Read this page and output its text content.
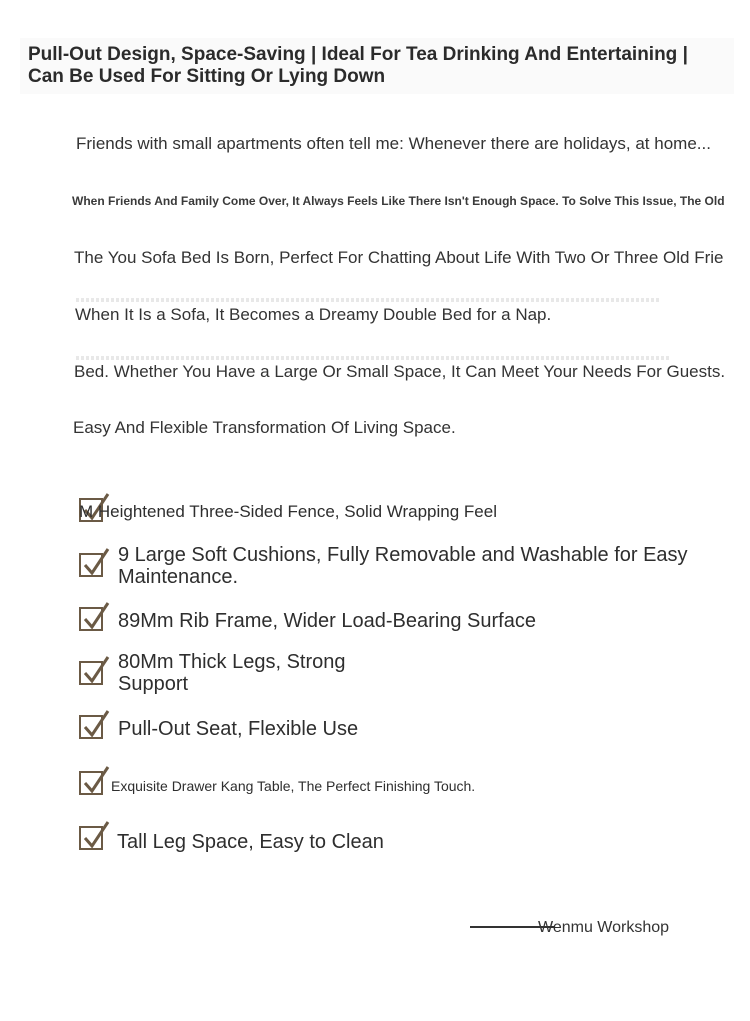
Pull-Out Design, Space-Saving | Ideal For Tea Drinking And Entertaining | Can Be Used For Sitting Or Lying Down
Friends with small apartments often tell me: Whenever there are holidays, at home...
When Friends And Family Come Over, It Always Feels Like There Isn't Enough Space. To Solve This Issue, The Old
The You Sofa Bed Is Born, Perfect For Chatting About Life With Two Or Three Old Frie
When It Is a Sofa, It Becomes a Dreamy Double Bed for a Nap.
Bed. Whether You Have a Large Or Small Space, It Can Meet Your Needs For Guests.
Easy And Flexible Transformation Of Living Space.
M Heightened Three-Sided Fence, Solid Wrapping Feel
9 Large Soft Cushions, Fully Removable and Washable for Easy Maintenance.
89Mm Rib Frame, Wider Load-Bearing Surface
80Mm Thick Legs, Strong Support
Pull-Out Seat, Flexible Use
Exquisite Drawer Kang Table, The Perfect Finishing Touch.
Tall Leg Space, Easy to Clean
Wenmu Workshop
